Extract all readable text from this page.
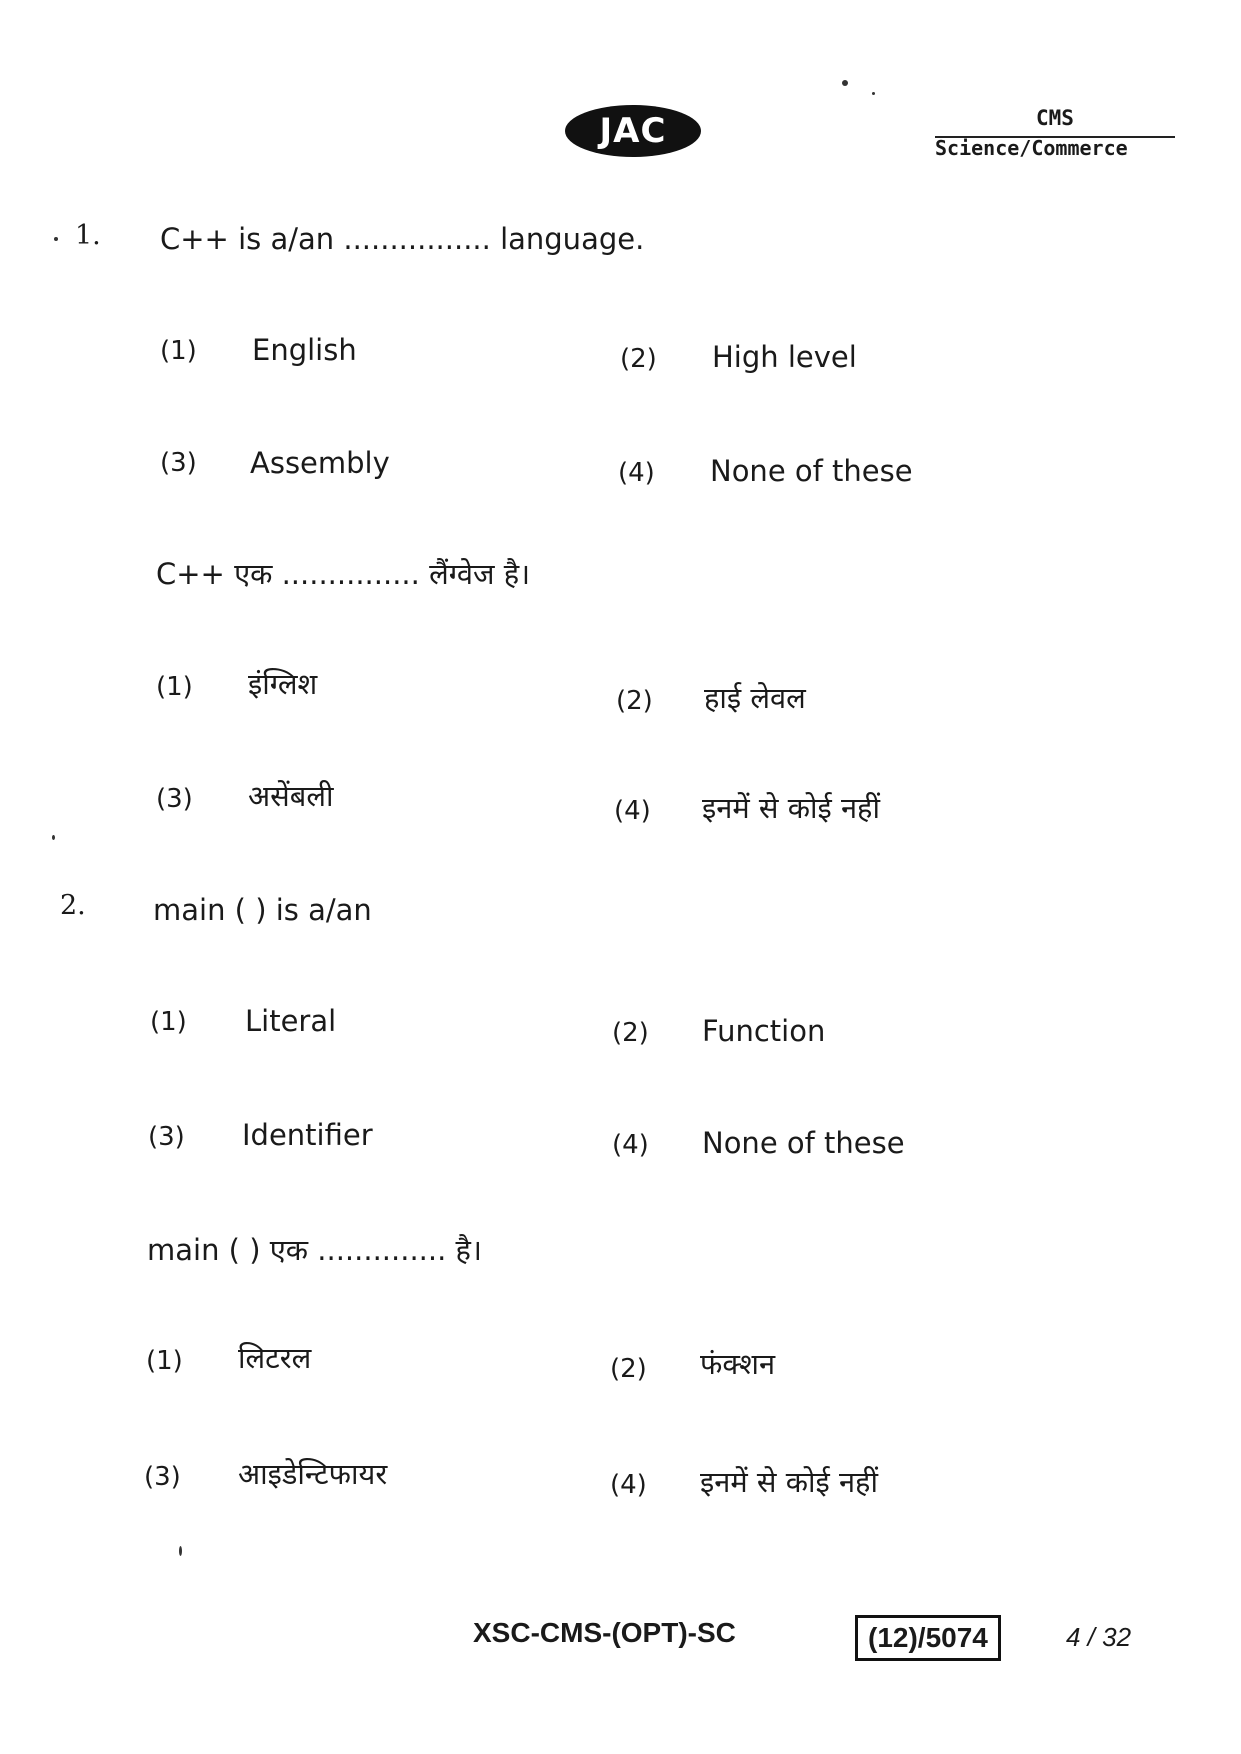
JAC	CMS
Science/Commerce
1. C++ is a/an ................ language.
(1) English	(2) High level
(3) Assembly	(4) None of these
C++ एक ............... लैंग्वेज है।
(1) इंग्लिश	(2) हाई लेवल
(3) असेंबली	(4) इनमें से कोई नहीं
2. main ( ) is a/an
(1) Literal	(2) Function
(3) Identifier	(4) None of these
main ( ) एक .............. है।
(1) लिटरल	(2) फंक्शन
(3) आइडेन्टिफायर	(4) इनमें से कोई नहीं
XSC-CMS-(OPT)-SC	(12)/5074	4 / 32
